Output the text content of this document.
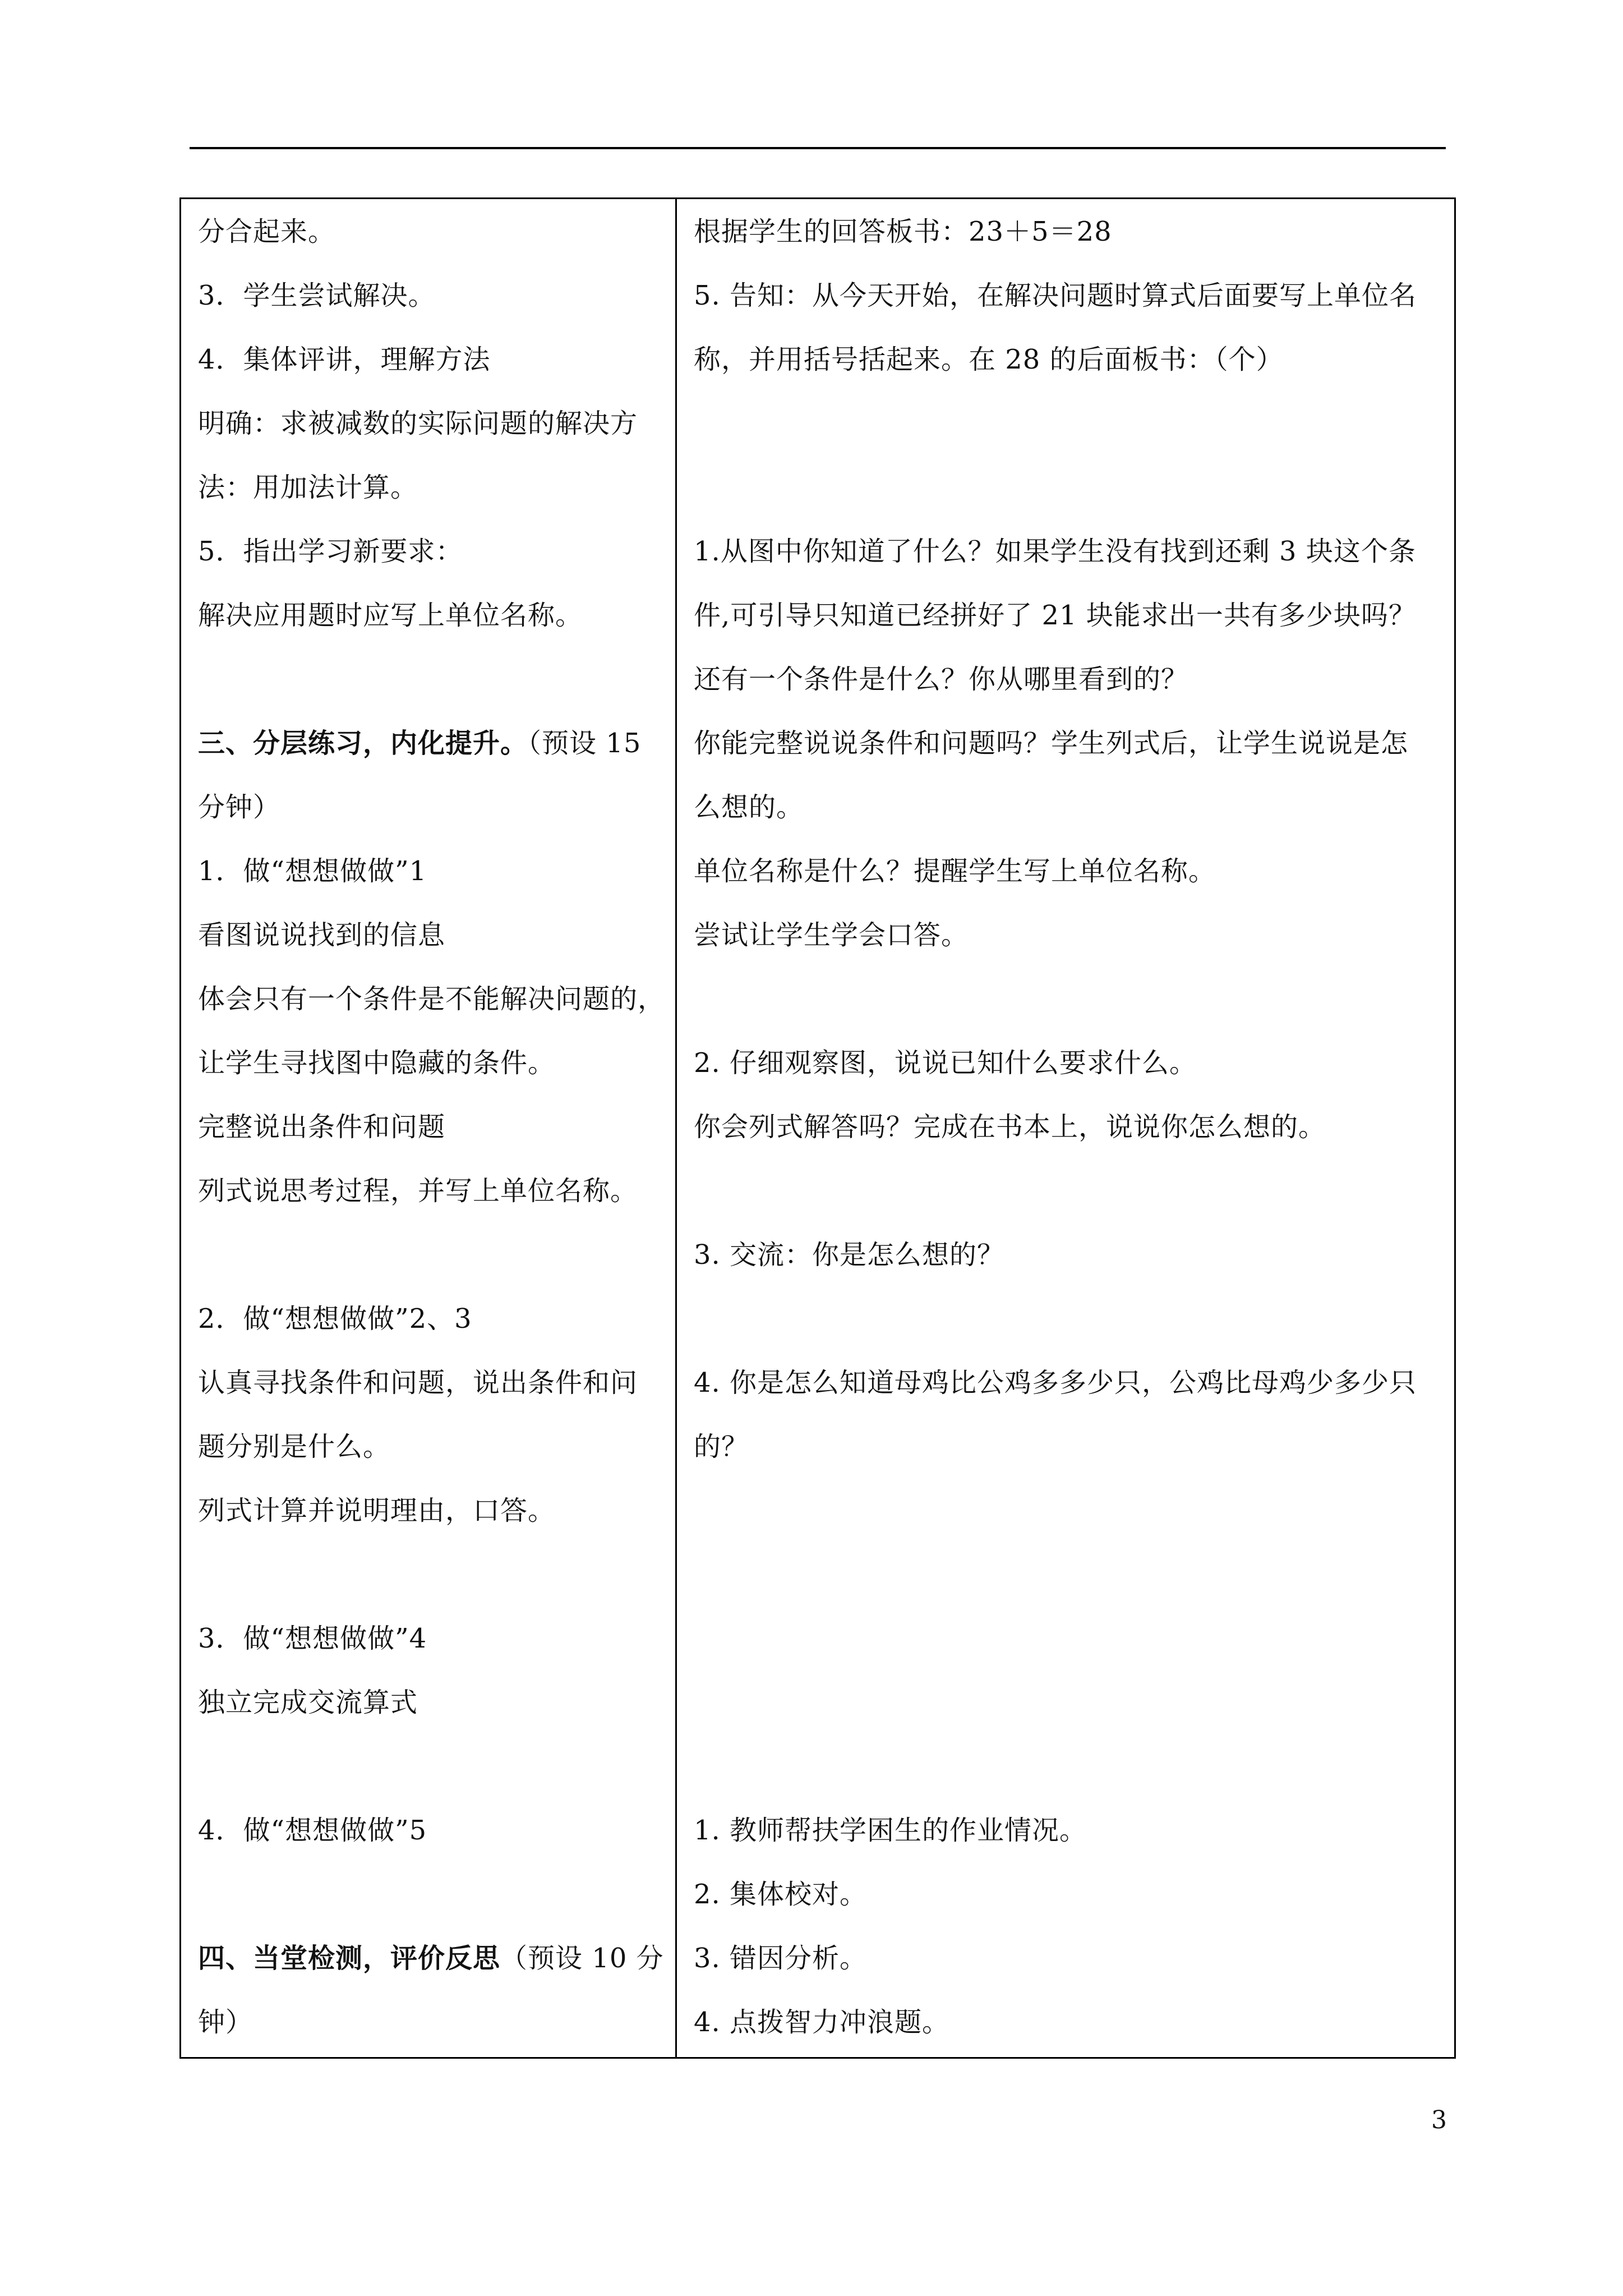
分合起来。
3．学生尝试解决。
4．集体评讲，理解方法
明确：求被减数的实际问题的解决方
法：用加法计算。
5．指出学习新要求：
解决应用题时应写上单位名称。
三、分层练习，内化提升。（预设 15
分钟）
1．做“想想做做”1
看图说说找到的信息
体会只有一个条件是不能解决问题的，
让学生寻找图中隐藏的条件。
完整说出条件和问题
列式说思考过程，并写上单位名称。
2．做“想想做做”2、3
认真寻找条件和问题，说出条件和问
题分别是什么。
列式计算并说明理由，口答。
3．做“想想做做”4
独立完成交流算式
4．做“想想做做”5
四、当堂检测，评价反思（预设 10 分
钟）
根据学生的回答板书：23＋5＝28
5. 告知：从今天开始，在解决问题时算式后面要写上单位名
称，并用括号括起来。在 28 的后面板书：（个）
1.从图中你知道了什么？如果学生没有找到还剩 3 块这个条
件,可引导只知道已经拼好了 21 块能求出一共有多少块吗？
还有一个条件是什么？你从哪里看到的？
你能完整说说条件和问题吗？学生列式后，让学生说说是怎
么想的。
单位名称是什么？提醒学生写上单位名称。
尝试让学生学会口答。
2. 仔细观察图，说说已知什么要求什么。
你会列式解答吗？完成在书本上，说说你怎么想的。
3. 交流：你是怎么想的？
4. 你是怎么知道母鸡比公鸡多多少只，公鸡比母鸡少多少只
的？
1. 教师帮扶学困生的作业情况。
2. 集体校对。
3. 错因分析。
4. 点拨智力冲浪题。
3
